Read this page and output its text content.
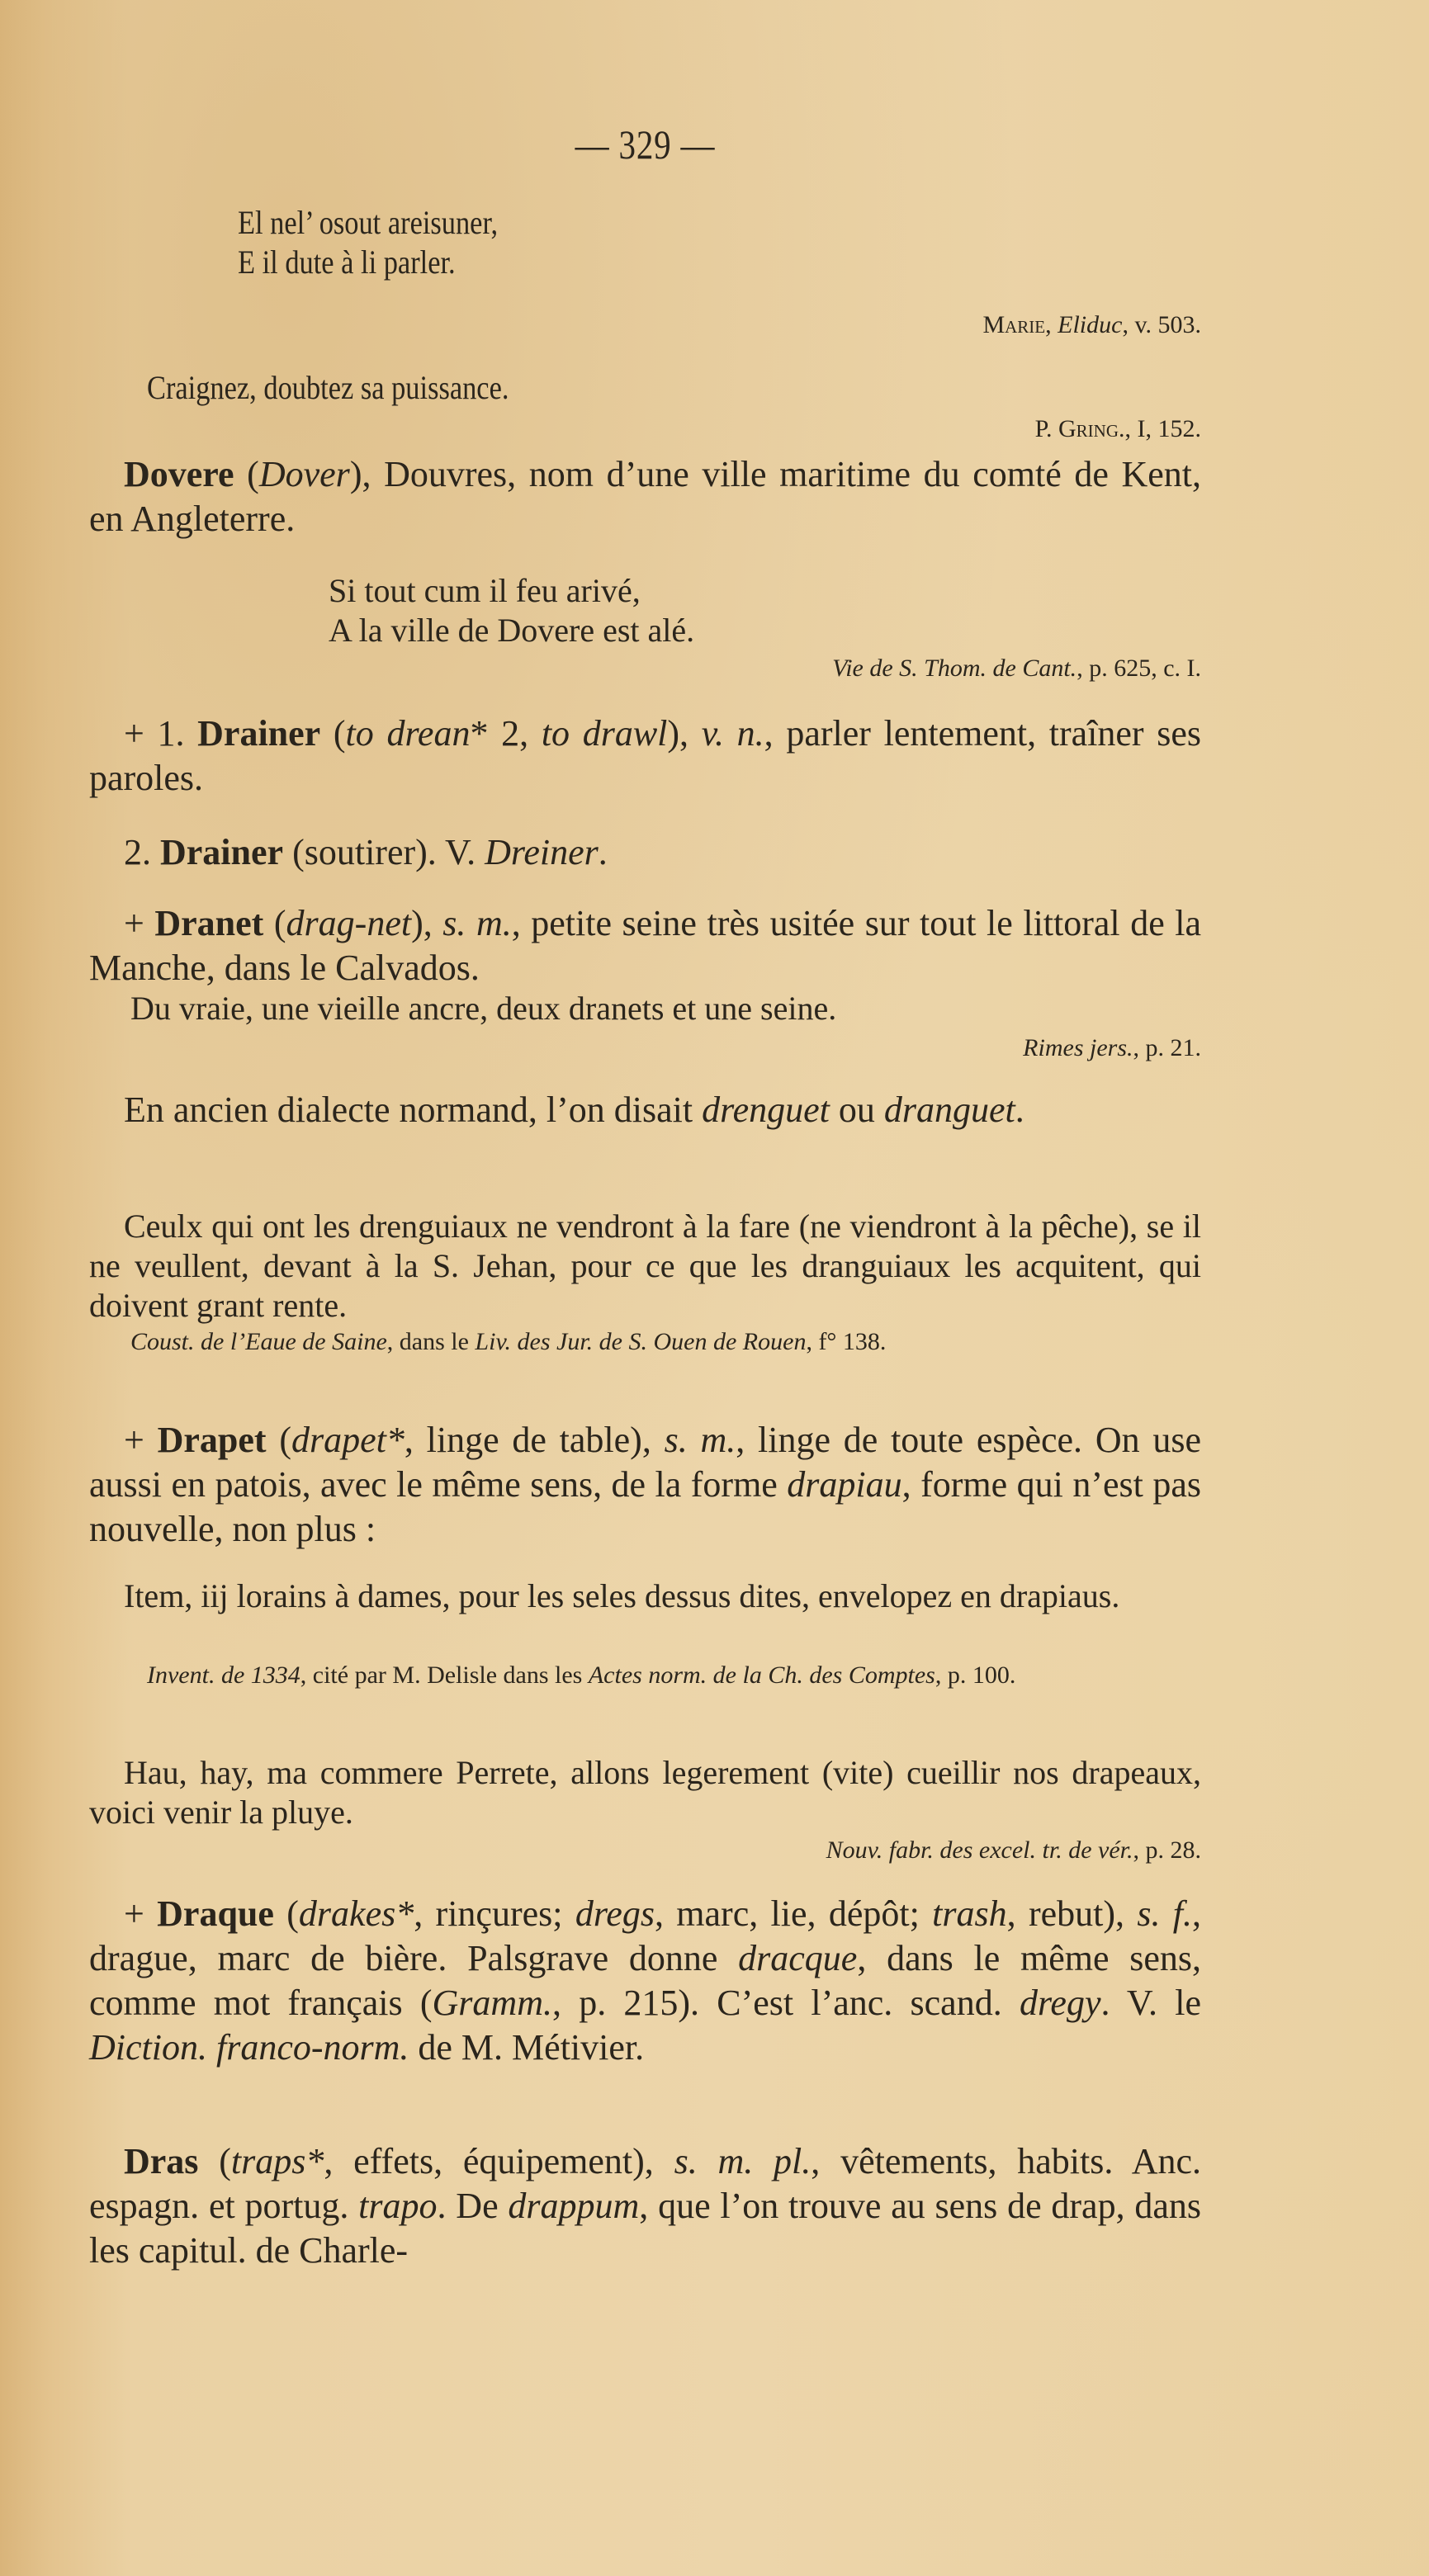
— 329 —
El nel’ osout areisuner,
E il dute à li parler.
Marie, Eliduc, v. 503.
Craignez, doubtez sa puissance.
P. Gring., I, 152.
Dovere (Dover), Douvres, nom d’une ville maritime du comté de Kent, en Angleterre.
Si tout cum il feu arivé,
A la ville de Dovere est alé.
Vie de S. Thom. de Cant., p. 625, c. I.
+ 1. Drainer (to drean* 2, to drawl), v. n., parler lentement, traîner ses paroles.
2. Drainer (soutirer). V. Dreiner.
+ Dranet (drag-net), s. m., petite seine très usitée sur tout le littoral de la Manche, dans le Calvados.
Du vraie, une vieille ancre, deux dranets et une seine.
Rimes jers., p. 21.
En ancien dialecte normand, l’on disait drenguet ou dranguet.
Ceulx qui ont les drenguiaux ne vendront à la fare (ne viendront à la pêche), se il ne veullent, devant à la S. Jehan, pour ce que les dranguiaux les acquitent, qui doivent grant rente.
Coust. de l’Eaue de Saine, dans le Liv. des Jur. de S. Ouen de Rouen, f° 138.
+ Drapet (drapet*, linge de table), s. m., linge de toute espèce. On use aussi en patois, avec le même sens, de la forme drapiau, forme qui n’est pas nouvelle, non plus :
Item, iij lorains à dames, pour les seles dessus dites, envelopez en drapiaus.
Invent. de 1334, cité par M. Delisle dans les Actes norm. de la Ch. des Comptes, p. 100.
Hau, hay, ma commere Perrete, allons legerement (vite) cueillir nos drapeaux, voici venir la pluye.
Nouv. fabr. des excel. tr. de vér., p. 28.
+ Draque (drakes*, rinçures; dregs, marc, lie, dépôt; trash, rebut), s. f., drague, marc de bière. Palsgrave donne dracque, dans le même sens, comme mot français (Gramm., p. 215). C’est l’anc. scand. dregy. V. le Diction. franco-norm. de M. Métivier.
Dras (traps*, effets, équipement), s. m. pl., vêtements, habits. Anc. espagn. et portug. trapo. De drappum, que l’on trouve au sens de drap, dans les capitul. de Charle-
